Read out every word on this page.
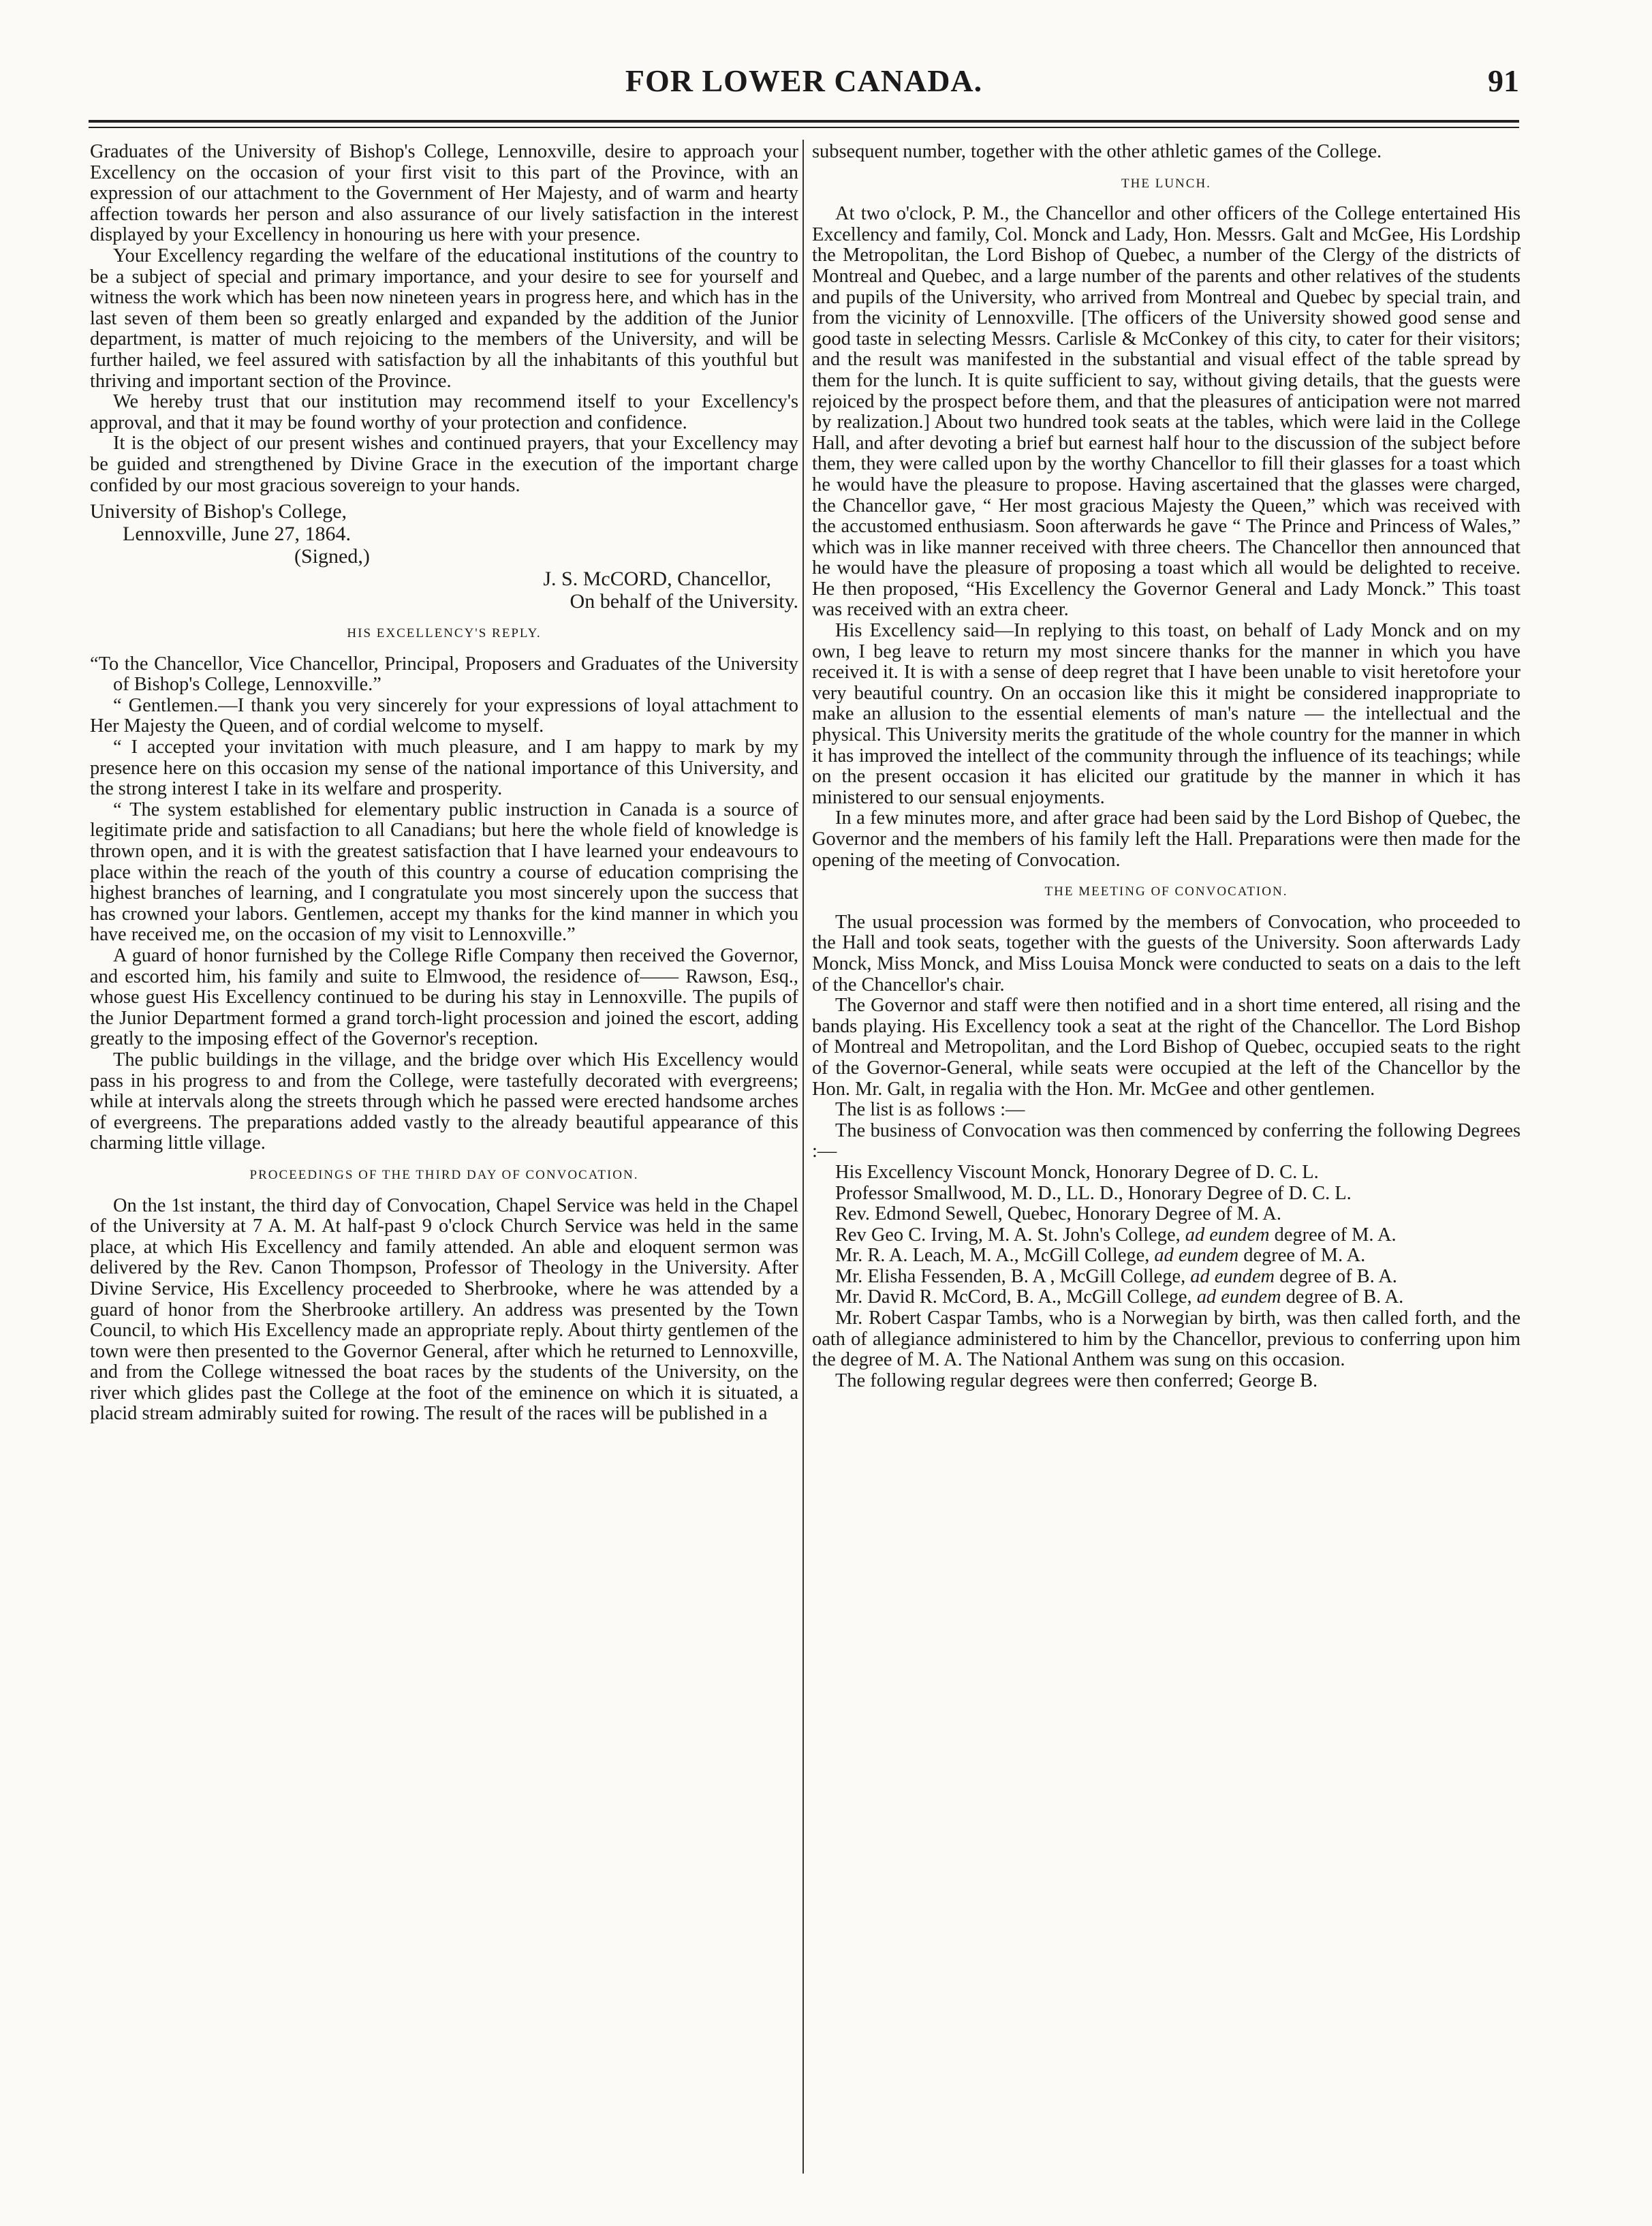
FOR LOWER CANADA.	91

Graduates of the University of Bishop's College, Lennoxville, desire to approach your Excellency on the occasion of your first visit to this part of the Province, with an expression of our attachment to the Government of Her Majesty, and of warm and hearty affection towards her person and also assurance of our lively satisfaction in the interest displayed by your Excellency in honouring us here with your presence.

Your Excellency regarding the welfare of the educational institutions of the country to be a subject of special and primary importance, and your desire to see for yourself and witness the work which has been now nineteen years in progress here, and which has in the last seven of them been so greatly enlarged and expanded by the addition of the Junior department, is matter of much rejoicing to the members of the University, and will be further hailed, we feel assured with satisfaction by all the inhabitants of this youthful but thriving and important section of the Province.

We hereby trust that our institution may recommend itself to your Excellency's approval, and that it may be found worthy of your protection and confidence.

It is the object of our present wishes and continued prayers, that your Excellency may be guided and strengthened by Divine Grace in the execution of the important charge confided by our most gracious sovereign to your hands.

University of Bishop's College,
Lennoxville, June 27, 1864.
(Signed,)
J. S. McCORD, Chancellor,
On behalf of the University.
HIS EXCELLENCY'S REPLY.

“To the Chancellor, Vice Chancellor, Principal, Proposers and Graduates of the University of Bishop's College, Lennoxville.”

“ Gentlemen.—I thank you very sincerely for your expressions of loyal attachment to Her Majesty the Queen, and of cordial welcome to myself.

“ I accepted your invitation with much pleasure, and I am happy to mark by my presence here on this occasion my sense of the national importance of this University, and the strong interest I take in its welfare and prosperity.

“ The system established for elementary public instruction in Canada is a source of legitimate pride and satisfaction to all Canadians; but here the whole field of knowledge is thrown open, and it is with the greatest satisfaction that I have learned your endeavours to place within the reach of the youth of this country a course of education comprising the highest branches of learning, and I congratulate you most sincerely upon the success that has crowned your labors. Gentlemen, accept my thanks for the kind manner in which you have received me, on the occasion of my visit to Lennoxville.”

A guard of honor furnished by the College Rifle Company then received the Governor, and escorted him, his family and suite to Elmwood, the residence of—— Rawson, Esq., whose guest His Excellency continued to be during his stay in Lennoxville. The pupils of the Junior Department formed a grand torch-light procession and joined the escort, adding greatly to the imposing effect of the Governor's reception.

The public buildings in the village, and the bridge over which His Excellency would pass in his progress to and from the College, were tastefully decorated with evergreens; while at intervals along the streets through which he passed were erected handsome arches of evergreens. The preparations added vastly to the already beautiful appearance of this charming little village.

PROCEEDINGS OF THE THIRD DAY OF CONVOCATION.

On the 1st instant, the third day of Convocation, Chapel Service was held in the Chapel of the University at 7 A. M. At half-past 9 o'clock Church Service was held in the same place, at which His Excellency and family attended. An able and eloquent sermon was delivered by the Rev. Canon Thompson, Professor of Theology in the University. After Divine Service, His Excellency proceeded to Sherbrooke, where he was attended by a guard of honor from the Sherbrooke artillery. An address was presented by the Town Council, to which His Excellency made an appropriate reply. About thirty gentlemen of the town were then presented to the Governor General, after which he returned to Lennoxville, and from the College witnessed the boat races by the students of the University, on the river which glides past the College at the foot of the eminence on which it is situated, a placid stream admirably suited for rowing. The result of the races will be published in a

subsequent number, together with the other athletic games of the College.

THE LUNCH.

At two o'clock, P. M., the Chancellor and other officers of the College entertained His Excellency and family, Col. Monck and Lady, Hon. Messrs. Galt and McGee, His Lordship the Metropolitan, the Lord Bishop of Quebec, a number of the Clergy of the districts of Montreal and Quebec, and a large number of the parents and other relatives of the students and pupils of the University, who arrived from Montreal and Quebec by special train, and from the vicinity of Lennoxville. [The officers of the University showed good sense and good taste in selecting Messrs. Carlisle & McConkey of this city, to cater for their visitors; and the result was manifested in the substantial and visual effect of the table spread by them for the lunch. It is quite sufficient to say, without giving details, that the guests were rejoiced by the prospect before them, and that the pleasures of anticipation were not marred by realization.] About two hundred took seats at the tables, which were laid in the College Hall, and after devoting a brief but earnest half hour to the discussion of the subject before them, they were called upon by the worthy Chancellor to fill their glasses for a toast which he would have the pleasure to propose. Having ascertained that the glasses were charged, the Chancellor gave, “ Her most gracious Majesty the Queen,” which was received with the accustomed enthusiasm. Soon afterwards he gave “ The Prince and Princess of Wales,” which was in like manner received with three cheers. The Chancellor then announced that he would have the pleasure of proposing a toast which all would be delighted to receive. He then proposed, “His Excellency the Governor General and Lady Monck.” This toast was received with an extra cheer.

His Excellency said—In replying to this toast, on behalf of Lady Monck and on my own, I beg leave to return my most sincere thanks for the manner in which you have received it. It is with a sense of deep regret that I have been unable to visit heretofore your very beautiful country. On an occasion like this it might be considered inappropriate to make an allusion to the essential elements of man's nature — the intellectual and the physical. This University merits the gratitude of the whole country for the manner in which it has improved the intellect of the community through the influence of its teachings; while on the present occasion it has elicited our gratitude by the manner in which it has ministered to our sensual enjoyments.

In a few minutes more, and after grace had been said by the Lord Bishop of Quebec, the Governor and the members of his family left the Hall. Preparations were then made for the opening of the meeting of Convocation.

THE MEETING OF CONVOCATION.

The usual procession was formed by the members of Convocation, who proceeded to the Hall and took seats, together with the guests of the University. Soon afterwards Lady Monck, Miss Monck, and Miss Louisa Monck were conducted to seats on a dais to the left of the Chancellor's chair.

The Governor and staff were then notified and in a short time entered, all rising and the bands playing. His Excellency took a seat at the right of the Chancellor. The Lord Bishop of Montreal and Metropolitan, and the Lord Bishop of Quebec, occupied seats to the right of the Governor-General, while seats were occupied at the left of the Chancellor by the Hon. Mr. Galt, in regalia with the Hon. Mr. McGee and other gentlemen.

The list is as follows :—

The business of Convocation was then commenced by conferring the following Degrees :—

His Excellency Viscount Monck, Honorary Degree of D. C. L.

Professor Smallwood, M. D., LL. D., Honorary Degree of D. C. L.

Rev. Edmond Sewell, Quebec, Honorary Degree of M. A.

Rev Geo C. Irving, M. A. St. John's College, ad eundem degree of M. A.

Mr. R. A. Leach, M. A., McGill College, ad eundem degree of M. A.

Mr. Elisha Fessenden, B. A , McGill College, ad eundem degree of B. A.

Mr. David R. McCord, B. A., McGill College, ad eundem degree of B. A.

Mr. Robert Caspar Tambs, who is a Norwegian by birth, was then called forth, and the oath of allegiance administered to him by the Chancellor, previous to conferring upon him the degree of M. A. The National Anthem was sung on this occasion.

The following regular degrees were then conferred; George B.
